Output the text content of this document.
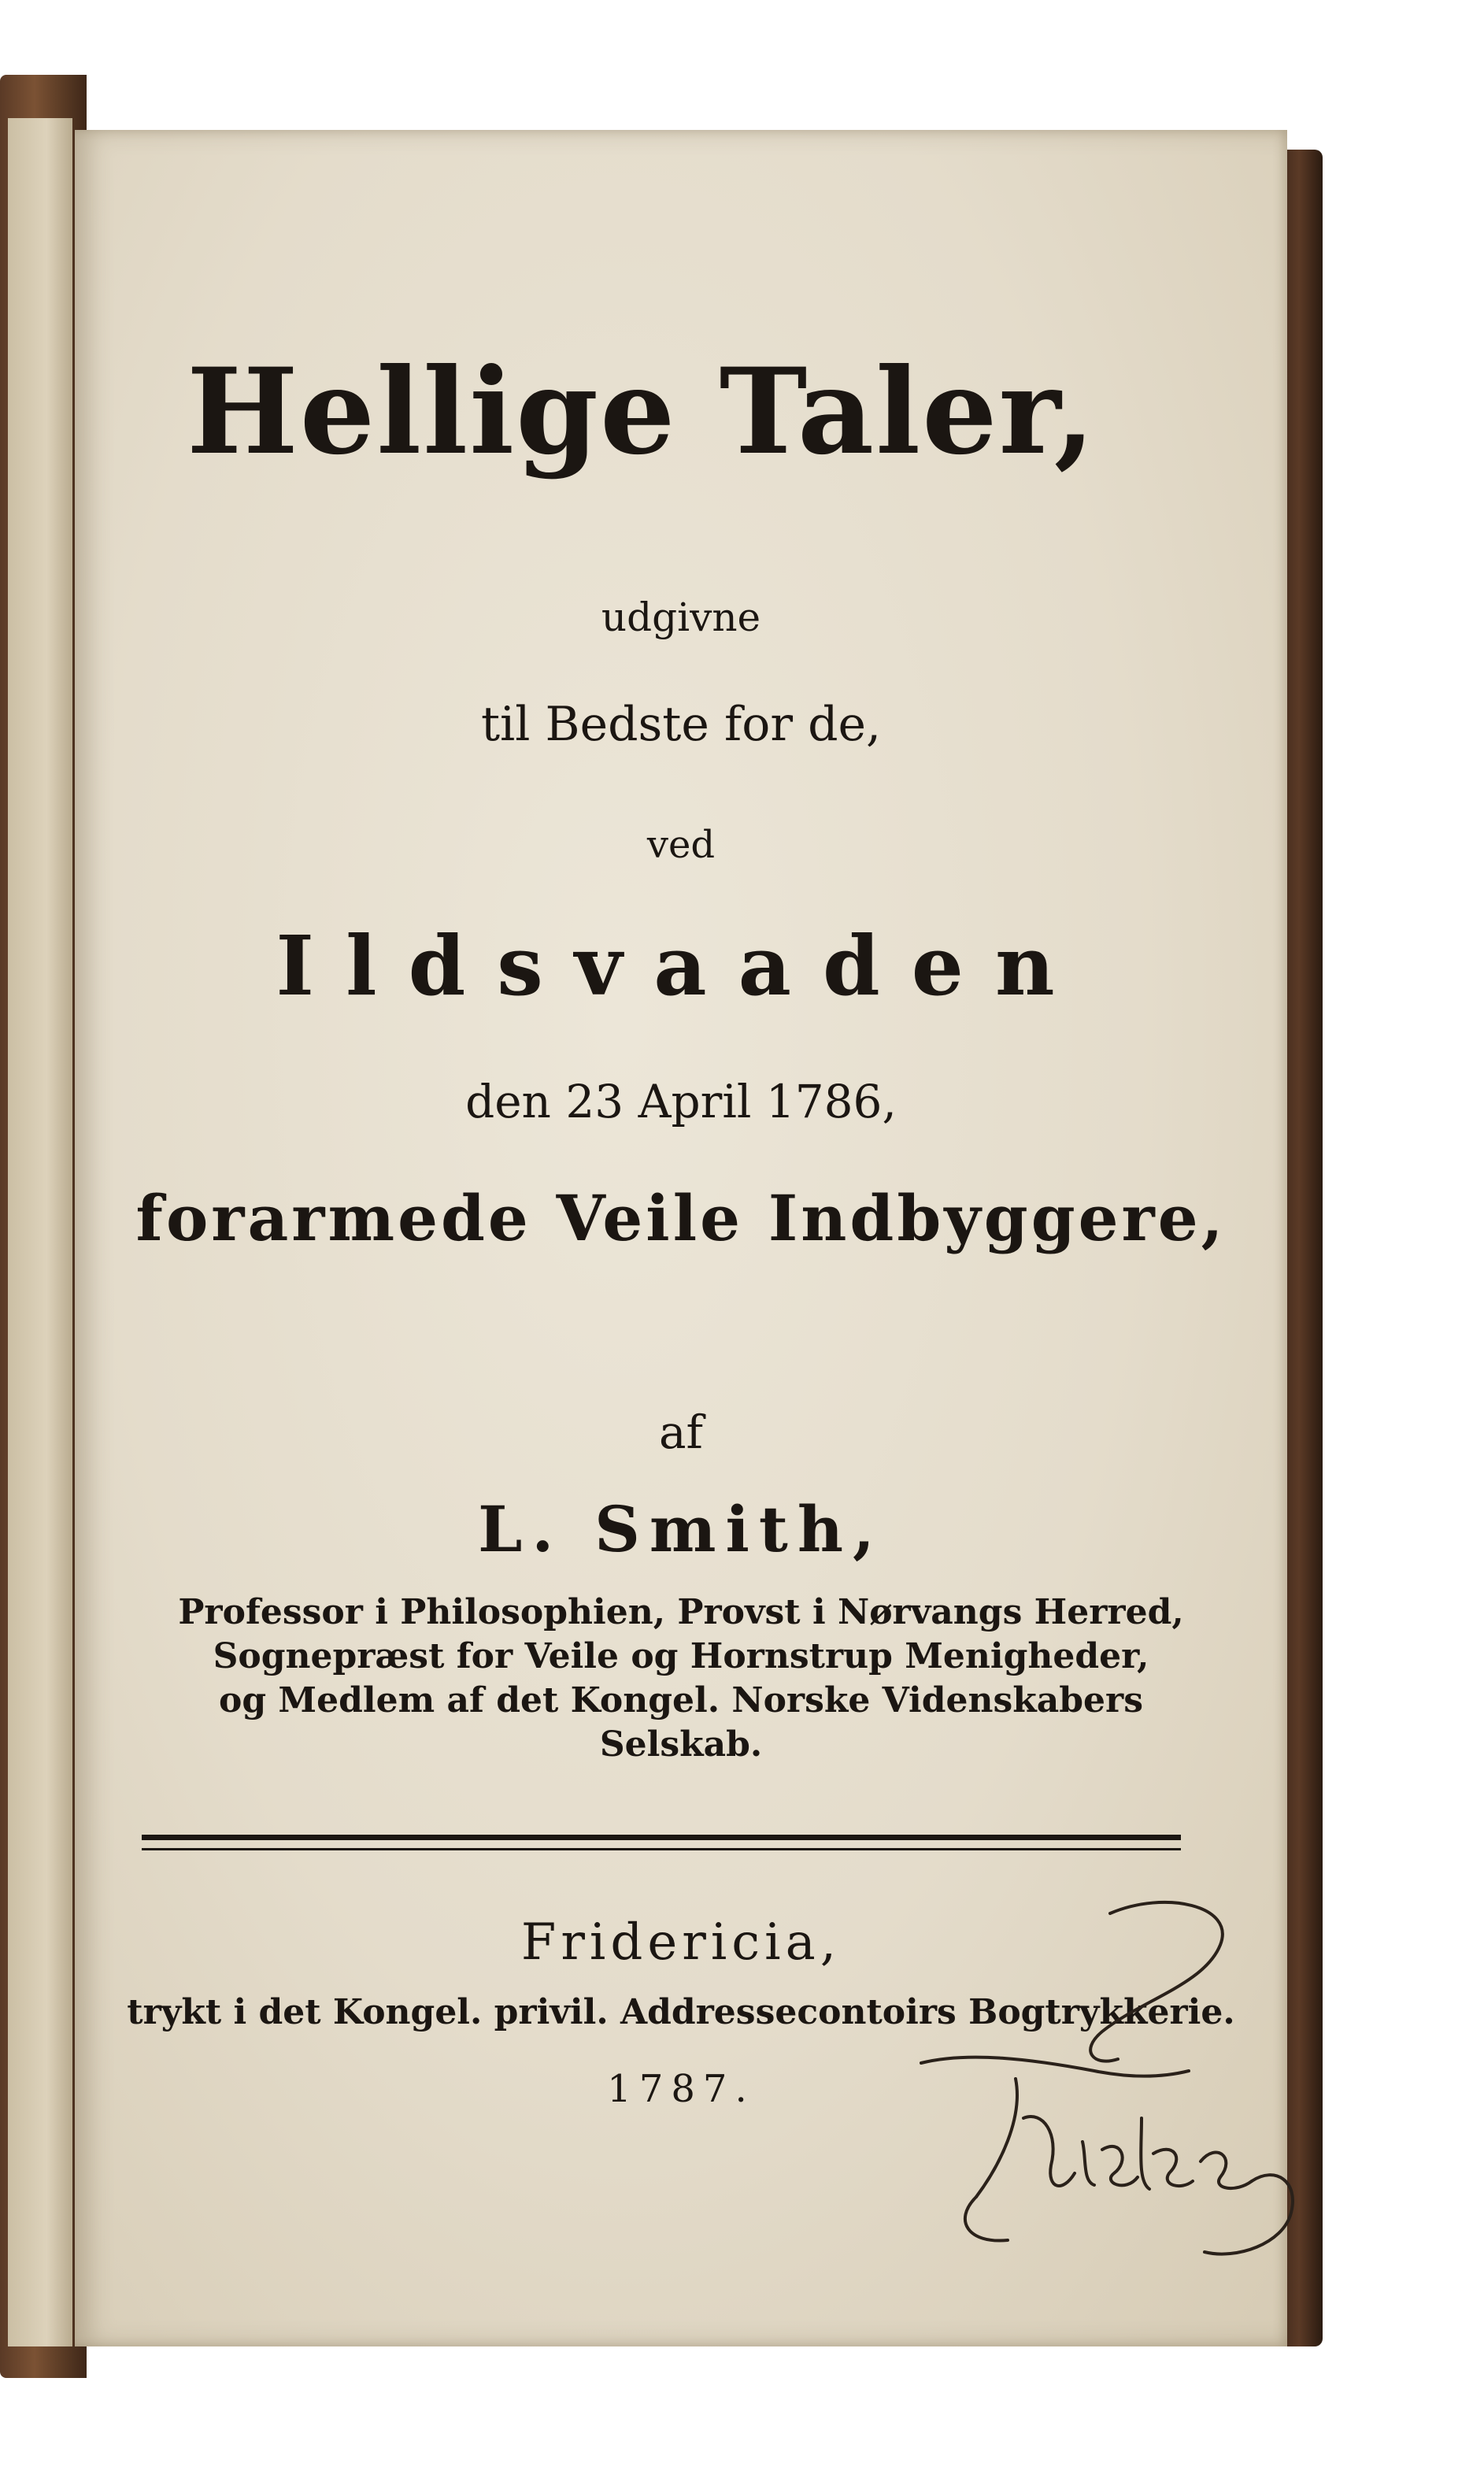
Hellige Taler,
udgivne
til Bedste for de,
ved
Ildsvaaden
den 23 April 1786,
forarmede Veile Indbyggere,
af
L. Smith,
Professor i Philosophien, Provst i Nørvangs Herred,
Sognepræst for Veile og Hornstrup Menigheder,
og Medlem af det Kongel. Norske Videnskabers
Selskab.
Fridericia,
trykt i det Kongel. privil. Addressecontoirs Bogtrykkerie.
1787.
